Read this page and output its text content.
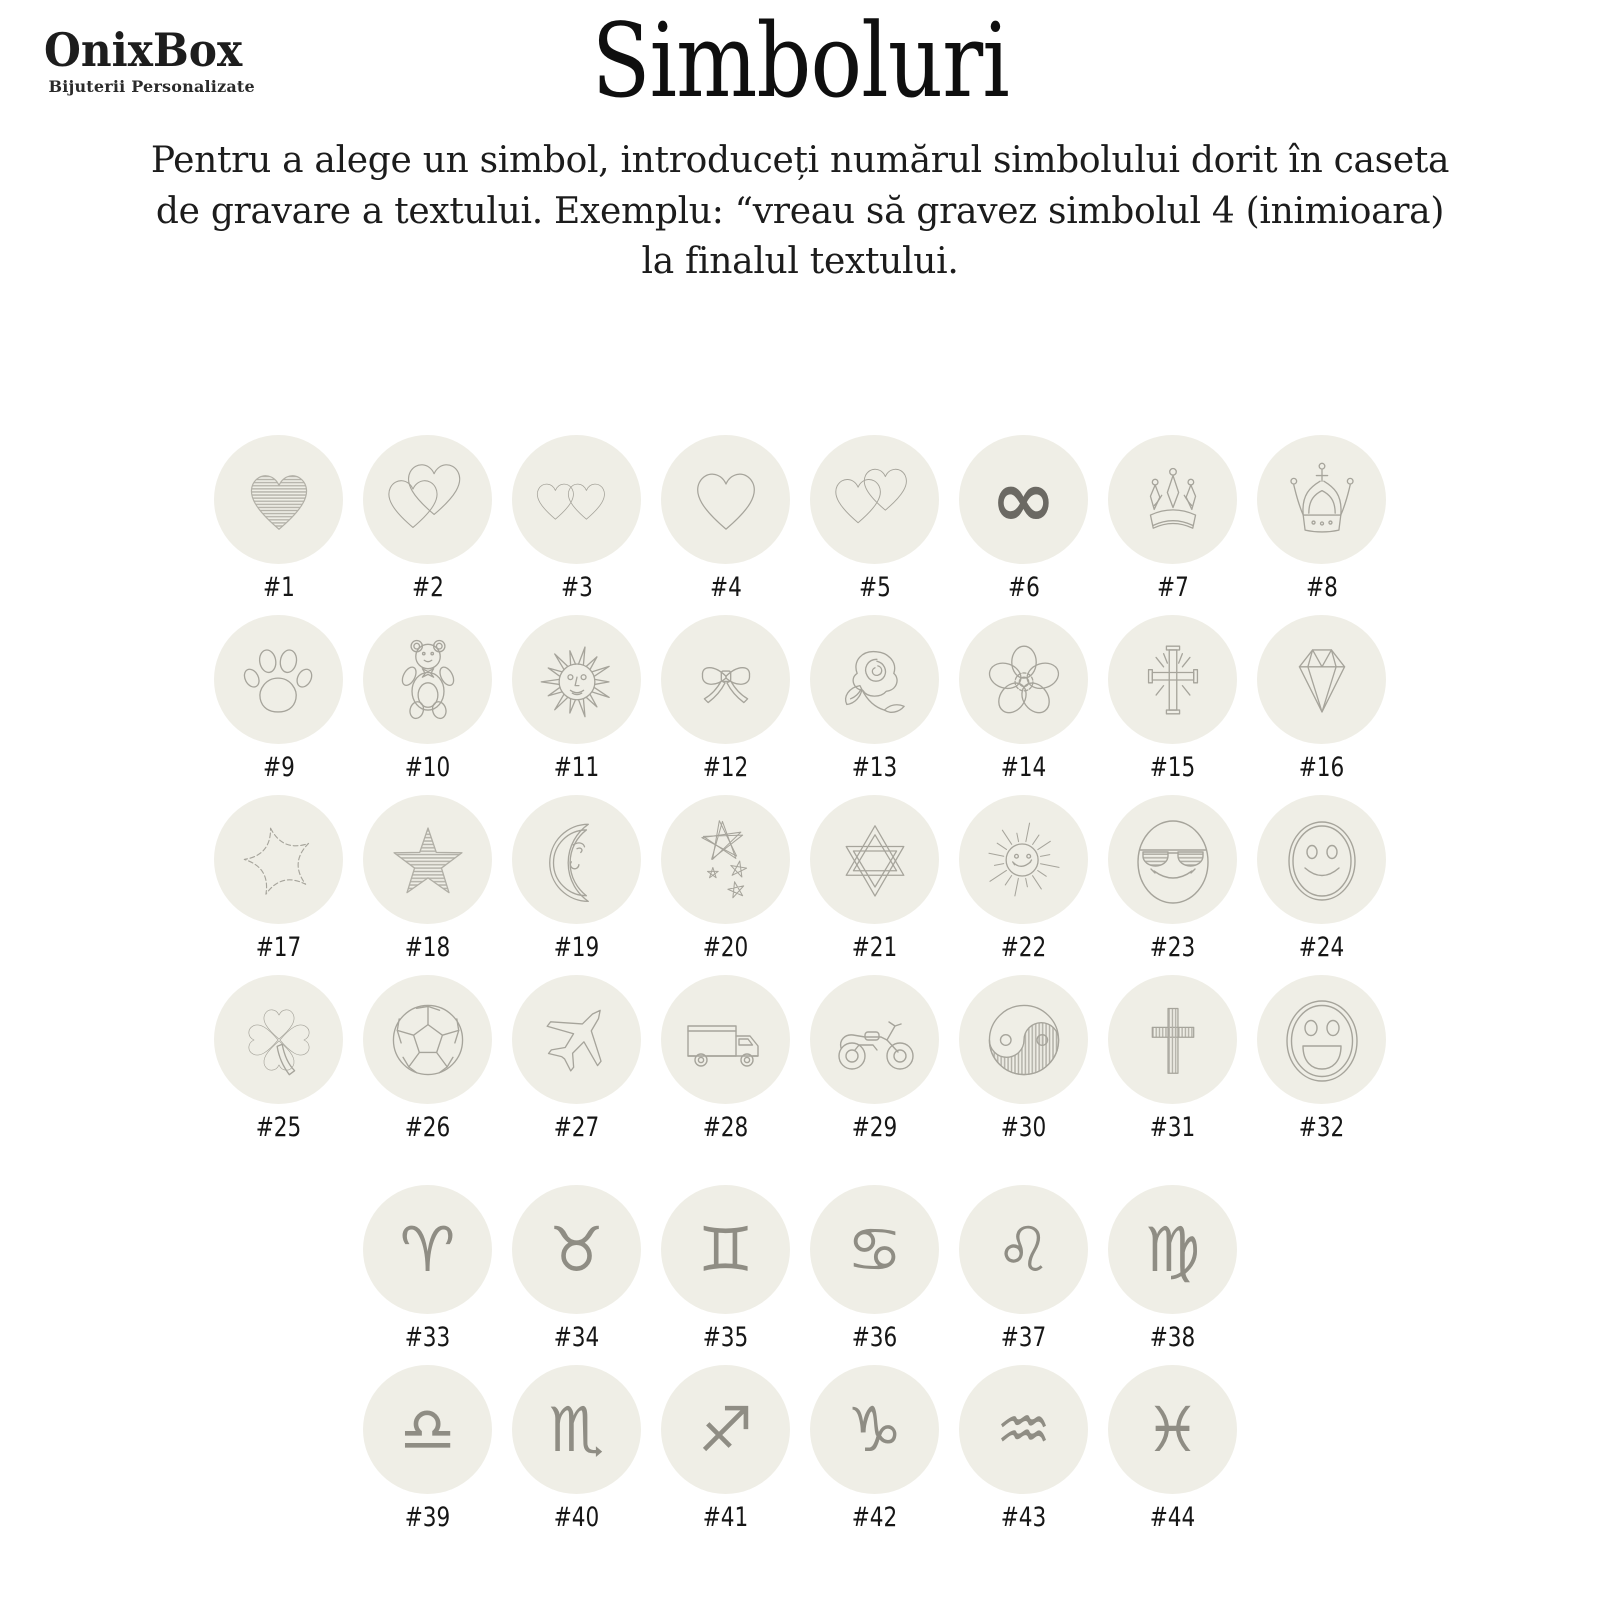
OnixBox
Bijuterii Personalizate	Simboluri

Pentru a alege un simbol, introduceți numărul simbolului dorit în caseta de gravare a textului. Exemplu: “vreau să gravez simbolul 4 (inimioara) la finalul textului.

#1	#2	#3	#4	#5
∞
#6	#7	#8
#9	#10	#11	#12	#13	#14	#15	#16
#17	#18	#19	#20	#21	#22	#23	#24
#25	#26	#27	#28	#29	#30	#31	#32
♈
#33
♉
#34
♊
#35
♋
#36
♌
#37
♍
#38
♎
#39
♏
#40
♐
#41
♑
#42
♒
#43
♓
#44
